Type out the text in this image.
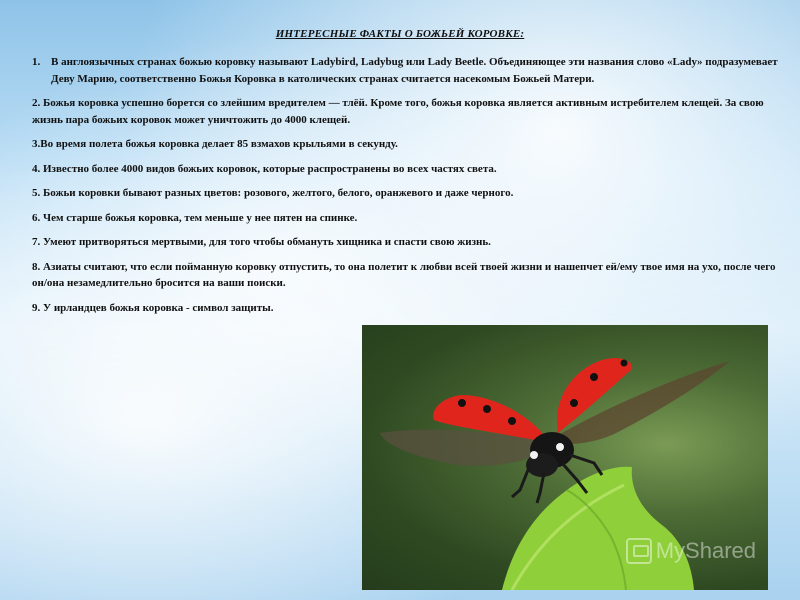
ИНТЕРЕСНЫЕ ФАКТЫ О БОЖЬЕЙ КОРОВКЕ:
1. В англоязычных странах божью коровку называют Ladybird, Ladybug или Lady Beetle. Объединяющее эти названия слово «Lady» подразумевает Деву Марию, соответственно Божья Коровка в католических странах считается насекомым Божьей Матери.
2. Божья коровка успешно борется со злейшим вредителем — тлёй. Кроме того, божья коровка является активным истребителем клещей. За свою жизнь пара божьих коровок может уничтожить до 4000 клещей.
3.Во время полета божья коровка делает 85 взмахов крыльями в секунду.
4. Известно более 4000 видов божьих коровок, которые распространены во всех частях света.
5. Божьи коровки бывают разных цветов: розового, желтого, белого, оранжевого и даже черного.
6. Чем старше божья коровка, тем меньше у нее пятен на спинке.
7. Умеют притворяться мертвыми, для того чтобы обмануть хищника и спасти свою жизнь.
8. Азиаты считают, что если пойманную коровку отпустить, то она полетит к любви всей твоей жизни и нашепчет ей/ему твое имя на ухо, после чего он/она незамедлительно бросится на ваши поиски.
9. У ирландцев божья коровка - символ защиты.
MyShared
